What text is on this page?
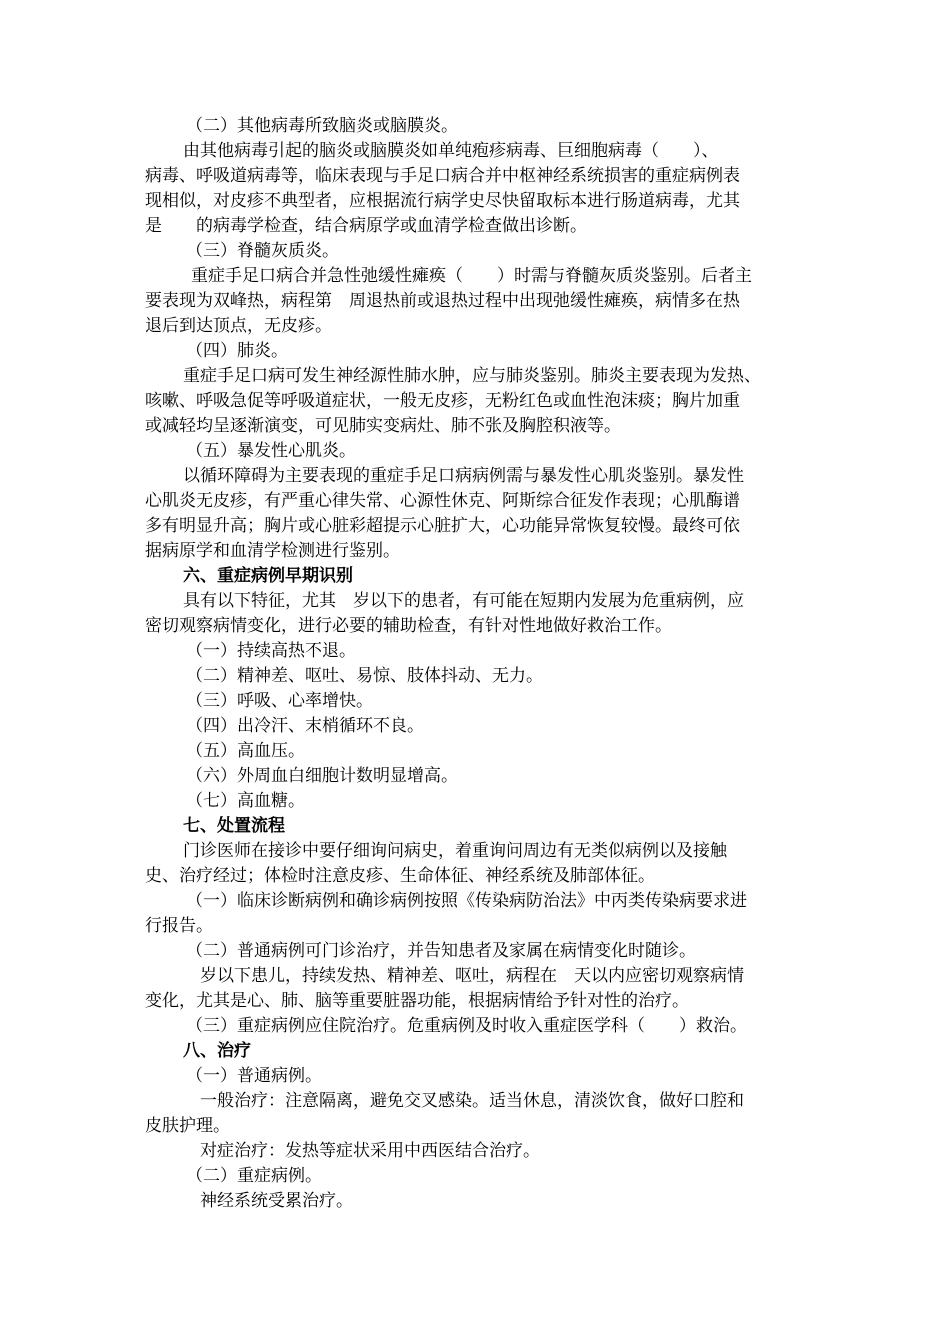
（二）其他病毒所致脑炎或脑膜炎。

由其他病毒引起的脑炎或脑膜炎如单纯疱疹病毒、巨细胞病毒（　　）、

病毒、呼吸道病毒等，临床表现与手足口病合并中枢神经系统损害的重症病例表

现相似，对皮疹不典型者，应根据流行病学史尽快留取标本进行肠道病毒，尤其

是　　的病毒学检查，结合病原学或血清学检查做出诊断。

（三）脊髓灰质炎。

重症手足口病合并急性弛缓性瘫痪（　　）时需与脊髓灰质炎鉴别。后者主

要表现为双峰热，病程第　周退热前或退热过程中出现弛缓性瘫痪，病情多在热

退后到达顶点，无皮疹。

（四）肺炎。

重症手足口病可发生神经源性肺水肿，应与肺炎鉴别。肺炎主要表现为发热、

咳嗽、呼吸急促等呼吸道症状，一般无皮疹，无粉红色或血性泡沫痰；胸片加重

或减轻均呈逐渐演变，可见肺实变病灶、肺不张及胸腔积液等。

（五）暴发性心肌炎。

以循环障碍为主要表现的重症手足口病病例需与暴发性心肌炎鉴别。暴发性

心肌炎无皮疹，有严重心律失常、心源性休克、阿斯综合征发作表现；心肌酶谱

多有明显升高；胸片或心脏彩超提示心脏扩大，心功能异常恢复较慢。最终可依

据病原学和血清学检测进行鉴别。

六、重症病例早期识别

具有以下特征，尤其　岁以下的患者，有可能在短期内发展为危重病例，应

密切观察病情变化，进行必要的辅助检查，有针对性地做好救治工作。

（一）持续高热不退。

（二）精神差、呕吐、易惊、肢体抖动、无力。

（三）呼吸、心率增快。

（四）出冷汗、末梢循环不良。

（五）高血压。

（六）外周血白细胞计数明显增高。

（七）高血糖。

七、处置流程

门诊医师在接诊中要仔细询问病史，着重询问周边有无类似病例以及接触

史、治疗经过；体检时注意皮疹、生命体征、神经系统及肺部体征。

（一）临床诊断病例和确诊病例按照《传染病防治法》中丙类传染病要求进

行报告。

（二）普通病例可门诊治疗，并告知患者及家属在病情变化时随诊。

岁以下患儿，持续发热、精神差、呕吐，病程在　天以内应密切观察病情

变化，尤其是心、肺、脑等重要脏器功能，根据病情给予针对性的治疗。

（三）重症病例应住院治疗。危重病例及时收入重症医学科（　　）救治。

八、治疗

（一）普通病例。

一般治疗：注意隔离，避免交叉感染。适当休息，清淡饮食，做好口腔和

皮肤护理。

对症治疗：发热等症状采用中西医结合治疗。

（二）重症病例。

神经系统受累治疗。
